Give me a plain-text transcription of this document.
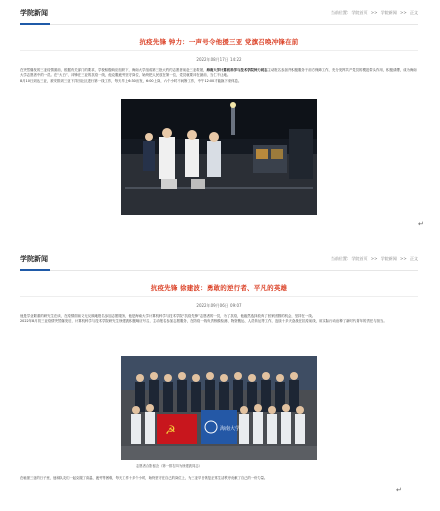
学院新闻	当前位置: 学院首页 >> 学院新闻 >> 正文
抗疫先锋 钟力：一声号令他援三亚 党旗召唤冲锋在前
2022年08月17日 14:22
在突然爆发的三亚疫情面前，根据有关部门的要求，学校积极响应组织下，海南大学组成第三批大约约志愿者前赴三亚救援，海南大学计算机科学与技术学院钟力同志主动报名参加并积极服务于前方保障工作，充分发挥共产党员的模范带头作用，积极请缨，成为海南大学志愿者中的一员。在“大白”、冲锋在三亚的抗疫一线，他克服疲劳坚守岗位，始终把人民放在第一位，党员就要冲在最前，当仁不让地。
8月10日到达三亚，被安排到三亚下洋田社区进行第一线工作，每天早上6:30出发，6:00上岗，六个小时不间断工作，中午12:00才能换下来休息。
↵
学院新闻	当前位置: 学院首页 >> 学院新闻 >> 正文
抗疫先锋 徐建波：勇敢的逆行者、平凡的英雄
2022年09月06日 09:07
他是学业繁重的研究生在读，在疫情面前义无反顾地报名参加志愿服务，他是海南大学计算机科学与技术学院“抗疫先锋”志愿者的一员，为了抗疫，他毅然选择放弃了回家团圆的机会，坚持在一线。
2022年8月初三亚疫情突然爆发后，计算机科学与技术学院研究生徐建波积极响应号召，主动报名参加志愿服务，在防疫一线负责核酸检测、物资搬运、人员转运等工作，连续十多天奋战在抗疫前线，用实际行动诠释了新时代青年的责任与担当。
☭	海南大学
志愿者合影留念（第一排右四为徐建波同志）
在驰援三亚的日子里，他和队友们一起克服了高温、疲劳等困难，每天工作十多个小时，始终坚守在自己的岗位上，为三亚早日恢复正常生活秩序贡献了自己的一份力量。
↵
